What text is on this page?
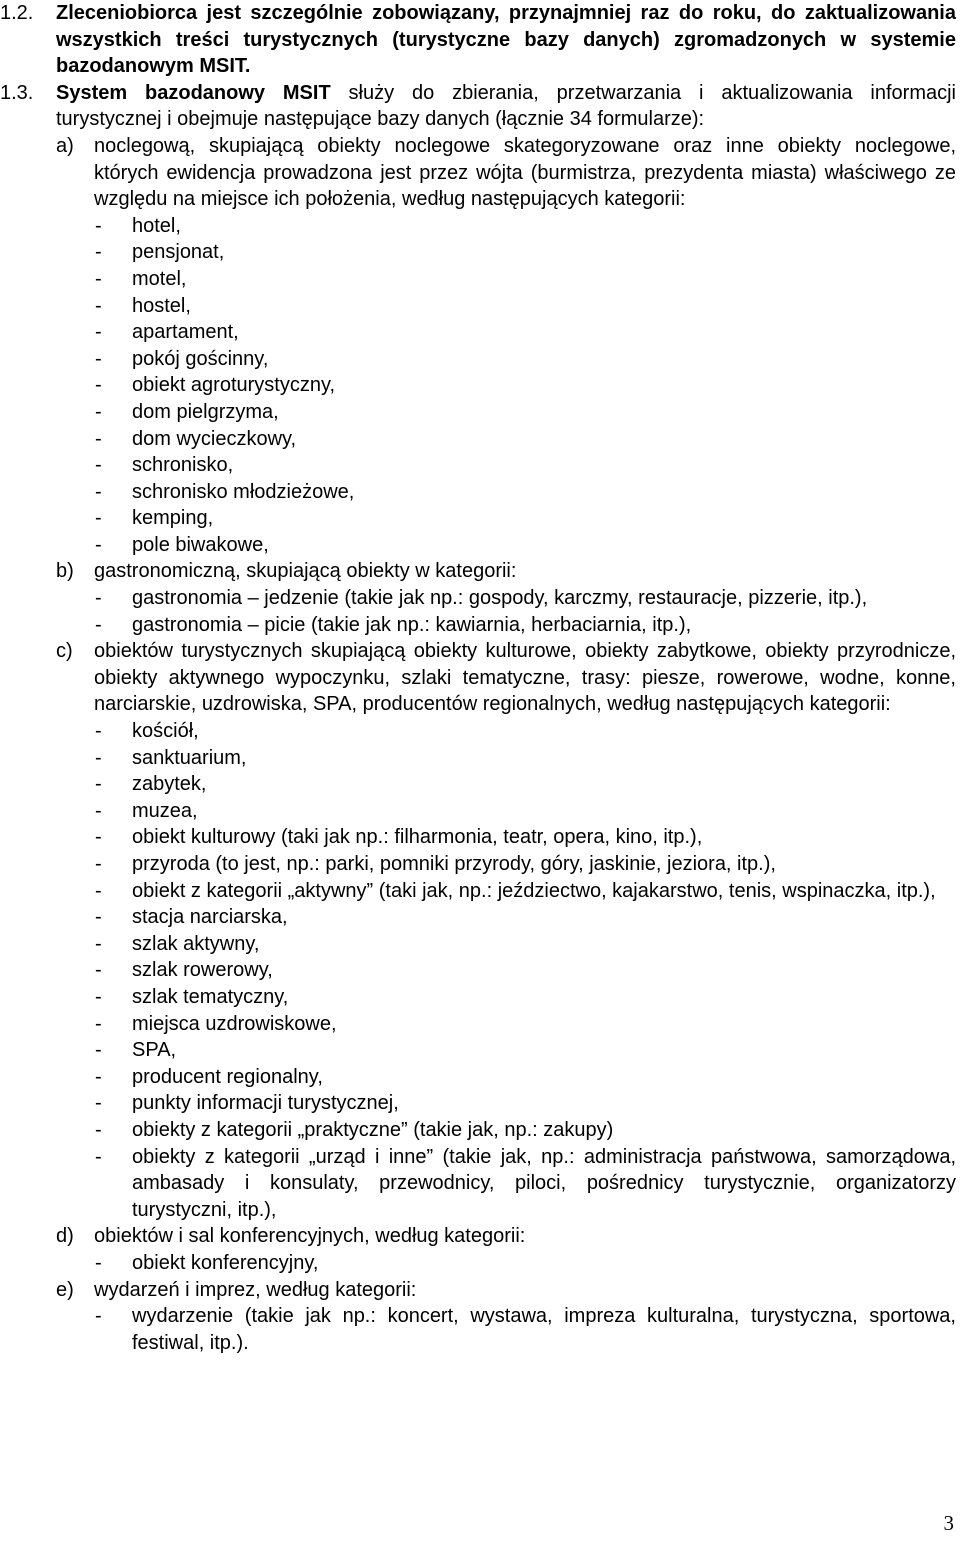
1.2. Zleceniobiorca jest szczególnie zobowiązany, przynajmniej raz do roku, do zaktualizowania wszystkich treści turystycznych (turystyczne bazy danych) zgromadzonych w systemie bazodanowym MSIT.
1.3. System bazodanowy MSIT służy do zbierania, przetwarzania i aktualizowania informacji turystycznej i obejmuje następujące bazy danych (łącznie 34 formularze):
a) noclegową, skupiającą obiekty noclegowe skategoryzowane oraz inne obiekty noclegowe, których ewidencja prowadzona jest przez wójta (burmistrza, prezydenta miasta) właściwego ze względu na miejsce ich położenia, według następujących kategorii:
- hotel,
- pensjonat,
- motel,
- hostel,
- apartament,
- pokój gościnny,
- obiekt agroturystyczny,
- dom pielgrzyma,
- dom wycieczkowy,
- schronisko,
- schronisko młodzieżowe,
- kemping,
- pole biwakowe,
b) gastronomiczną, skupiającą obiekty w kategorii:
- gastronomia – jedzenie (takie jak np.: gospody, karczmy, restauracje, pizzerie, itp.),
- gastronomia – picie (takie jak np.: kawiarnia, herbaciarnia, itp.),
c) obiektów turystycznych skupiającą obiekty kulturowe, obiekty zabytkowe, obiekty przyrodnicze, obiekty aktywnego wypoczynku, szlaki tematyczne, trasy: piesze, rowerowe, wodne, konne, narciarskie, uzdrowiska, SPA, producentów regionalnych, według następujących kategorii:
- kościół,
- sanktuarium,
- zabytek,
- muzea,
- obiekt kulturowy (taki jak np.: filharmonia, teatr, opera, kino, itp.),
- przyroda (to jest, np.: parki, pomniki przyrody, góry, jaskinie, jeziora, itp.),
- obiekt z kategorii „aktywny” (taki jak, np.: jeździectwo, kajakarstwo, tenis, wspinaczka, itp.),
- stacja narciarska,
- szlak aktywny,
- szlak rowerowy,
- szlak tematyczny,
- miejsca uzdrowiskowe,
- SPA,
- producent regionalny,
- punkty informacji turystycznej,
- obiekty z kategorii „praktyczne” (takie jak, np.: zakupy)
- obiekty z kategorii „urząd i inne” (takie jak, np.: administracja państwowa, samorządowa, ambasady i konsulaty, przewodnicy, piloci, pośrednicy turystycznie, organizatorzy turystyczni, itp.),
d) obiektów i sal konferencyjnych, według kategorii:
- obiekt konferencyjny,
e) wydarzeń i imprez, według kategorii:
- wydarzenie (takie jak np.: koncert, wystawa, impreza kulturalna, turystyczna, sportowa, festiwal, itp.).
3
